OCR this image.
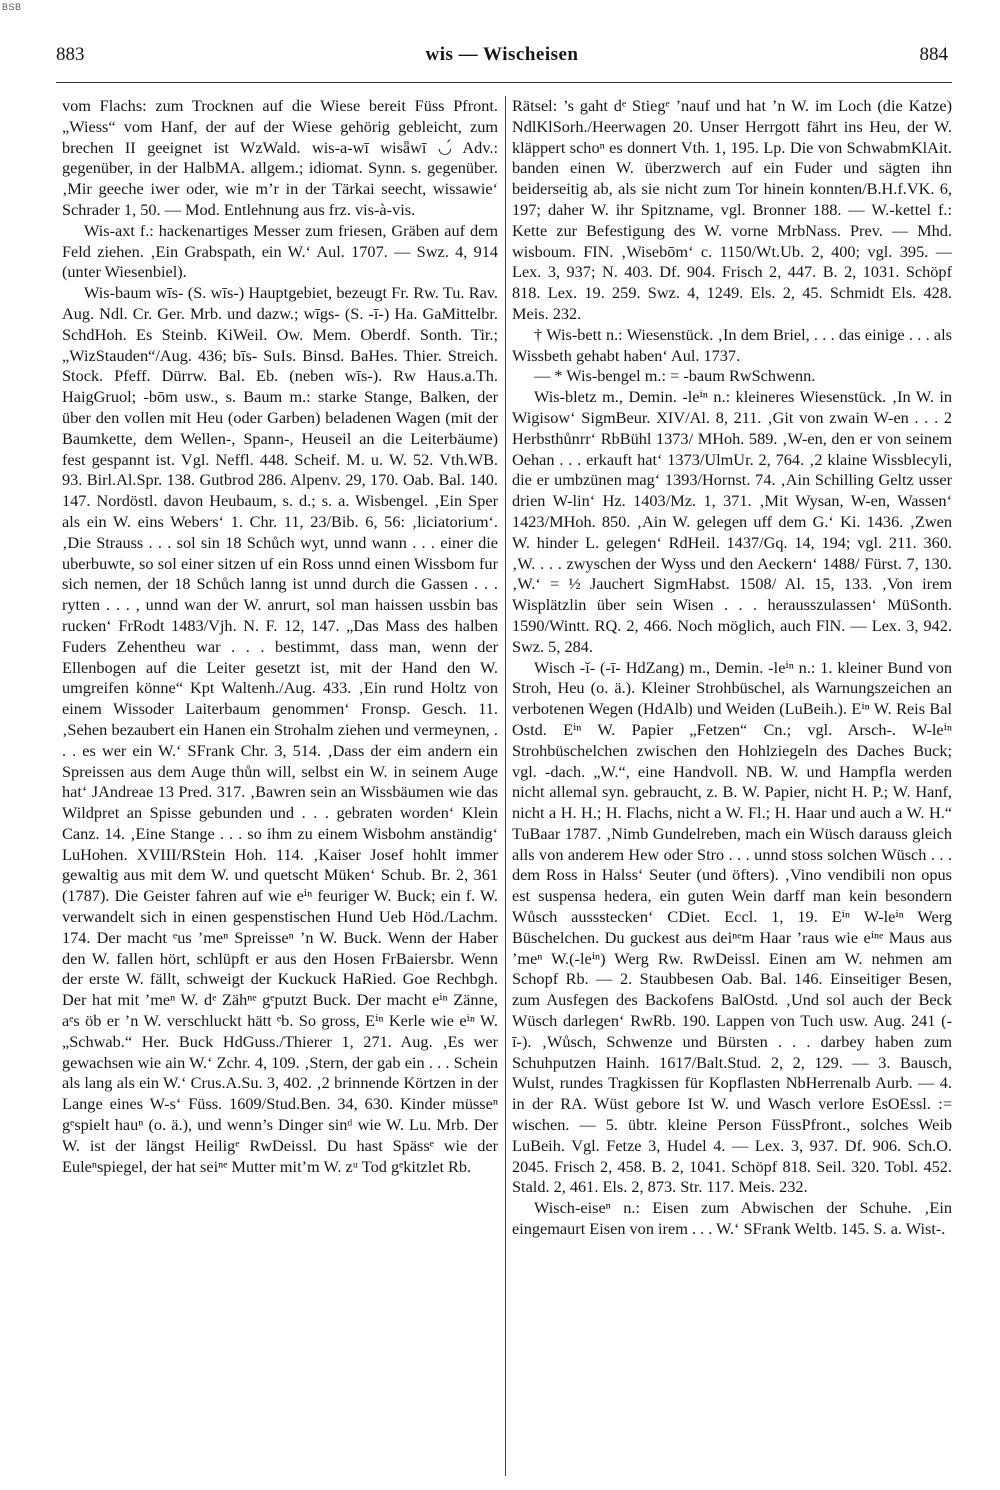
BSB
883	wis — Wischeisen	884

vom Flachs: zum Trocknen auf die Wiese bereit Füss Pfront. „Wiess“ vom Hanf, der auf der Wiese gehörig gebleicht, zum brechen II geeignet ist WzWald. wis-a-wī wisǟwī ◡́ Adv.: gegenüber, in der HalbMA. allgem.; idiomat. Synn. s. gegenüber. ‚Mir geeche iwer oder, wie m’r in der Tärkai seecht, wissawie‘ Schrader 1, 50. — Mod. Entlehnung aus frz. vis-à-vis.

Wis-axt f.: hackenartiges Messer zum friesen, Gräben auf dem Feld ziehen. ‚Ein Grabspath, ein W.‘ Aul. 1707. — Swz. 4, 914 (unter Wiesenbiel).

Wis-baum wīs- (S. wīs-) Hauptgebiet, bezeugt Fr. Rw. Tu. Rav. Aug. Ndl. Cr. Ger. Mrb. und dazw.; wīgs- (S. -ī-) Ha. GaMittelbr. SchdHoh. Es Steinb. KiWeil. Ow. Mem. Oberdf. Sonth. Tir.; „WizStauden“/Aug. 436; bīs- SuIs. Binsd. BaHes. Thier. Streich. Stock. Pfeff. Dürrw. Bal. Eb. (neben wīs-). Rw Haus.a.Th. HaigGruol; -bōm usw., s. Baum m.: starke Stange, Balken, der über den vollen mit Heu (oder Garben) beladenen Wagen (mit der Baumkette, dem Wellen-, Spann-, Heuseil an die Leiterbäume) fest gespannt ist. Vgl. Neffl. 448. Scheif. M. u. W. 52. Vth.WB. 93. Birl.Al.Spr. 138. Gutbrod 286. Alpenv. 29, 170. Oab. Bal. 140. 147. Nordöstl. davon Heubaum, s. d.; s. a. Wisbengel. ‚Ein Sper als ein W. eins Webers‘ 1. Chr. 11, 23/Bib. 6, 56: ‚liciatorium‘. ‚Die Strauss . . . sol sin 18 Schůch wyt, unnd wann . . . einer die uberbuwte, so sol einer sitzen uf ein Ross unnd einen Wissbom fur sich nemen, der 18 Schůch lanng ist unnd durch die Gassen . . . rytten . . . , unnd wan der W. anrurt, sol man haissen ussbin bas rucken‘ FrRodt 1483/Vjh. N. F. 12, 147. „Das Mass des halben Fuders Zehentheu war . . . bestimmt, dass man, wenn der Ellenbogen auf die Leiter gesetzt ist, mit der Hand den W. umgreifen könne“ Kpt Waltenh./Aug. 433. ‚Ein rund Holtz von einem Wissoder Laiterbaum genommen‘ Fronsp. Gesch. 11. ‚Sehen bezaubert ein Hanen ein Strohalm ziehen und vermeynen, . . . es wer ein W.‘ SFrank Chr. 3, 514. ‚Dass der eim andern ein Spreissen aus dem Auge thůn will, selbst ein W. in seinem Auge hat‘ JAndreae 13 Pred. 317. ‚Bawren sein an Wissbäumen wie das Wildpret an Spisse gebunden und . . . gebraten worden‘ Klein Canz. 14. ‚Eine Stange . . . so ihm zu einem Wisbohm anständig‘ LuHohen. XVIII/RStein Hoh. 114. ‚Kaiser Josef hohlt immer gewaltig aus mit dem W. und quetscht Müken‘ Schub. Br. 2, 361 (1787). Die Geister fahren auf wie eⁱⁿ feuriger W. Buck; ein f. W. verwandelt sich in einen gespenstischen Hund Ueb Höd./Lachm. 174. Der macht ᵉus ’meⁿ Spreisseⁿ ’n W. Buck. Wenn der Haber den W. fallen hört, schlüpft er aus den Hosen FrBaiersbr. Wenn der erste W. fällt, schweigt der Kuckuck HaRied. Goe Rechbgh. Der hat mit ’meⁿ W. dᵉ Zähⁿᵉ gᵉputzt Buck. Der macht eⁱⁿ Zänne, aᵉs öb er ’n W. verschluckt hätt ᵉb. So gross, Eⁱⁿ Kerle wie eⁱⁿ W. „Schwab.“ Her. Buck HdGuss./Thierer 1, 271. Aug. ‚Es wer gewachsen wie ain W.‘ Zchr. 4, 109. ‚Stern, der gab ein . . . Schein als lang als ein W.‘ Crus.A.Su. 3, 402. ‚2 brinnende Körtzen in der Lange eines W-s‘ Füss. 1609/Stud.Ben. 34, 630. Kinder müsseⁿ gᵉspielt hauⁿ (o. ä.), und wenn’s Dinger sinᵈ wie W. Lu. Mrb. Der W. ist der längst Heiligᵉ RwDeissl. Du hast Spässᵉ wie der Euleⁿspiegel, der hat seiⁿᵉ Mutter mit’m W. zᵘ Tod gᵉkitzlet Rb.

Rätsel: ’s gaht dᵉ Stiegᵉ ’nauf und hat ’n W. im Loch (die Katze) NdlKlSorh./Heerwagen 20. Unser Herrgott fährt ins Heu, der W. kläppert schoⁿ es donnert Vth. 1, 195. Lp. Die von SchwabmKlAit. banden einen W. überzwerch auf ein Fuder und sägten ihn beiderseitig ab, als sie nicht zum Tor hinein konnten/B.H.f.VK. 6, 197; daher W. ihr Spitzname, vgl. Bronner 188. — W.-kettel f.: Kette zur Befestigung des W. vorne MrbNass. Prev. — Mhd. wisboum. FIN. ‚Wisebōm‘ c. 1150/Wt.Ub. 2, 400; vgl. 395. — Lex. 3, 937; N. 403. Df. 904. Frisch 2, 447. B. 2, 1031. Schöpf 818. Lex. 19. 259. Swz. 4, 1249. Els. 2, 45. Schmidt Els. 428. Meis. 232.

† Wis-bett n.: Wiesenstück. ‚In dem Briel, . . . das einige . . . als Wissbeth gehabt haben‘ Aul. 1737.

— * Wis-bengel m.: = -baum RwSchwenn.

Wis-bletz m., Demin. -leⁱⁿ n.: kleineres Wiesenstück. ‚In W. in Wigisow‘ SigmBeur. XIV/Al. 8, 211. ‚Git von zwain W-en . . . 2 Herbsthůnrr‘ RbBühl 1373/ MHoh. 589. ‚W-en, den er von seinem Oehan . . . erkauft hat‘ 1373/UlmUr. 2, 764. ‚2 klaine Wissblecyli, die er umbzünen mag‘ 1393/Hornst. 74. ‚Ain Schilling Geltz usser drien W-lin‘ Hz. 1403/Mz. 1, 371. ‚Mit Wysan, W-en, Wassen‘ 1423/MHoh. 850. ‚Ain W. gelegen uff dem G.‘ Ki. 1436. ‚Zwen W. hinder L. gelegen‘ RdHeil. 1437/Gq. 14, 194; vgl. 211. 360. ‚W. . . . zwyschen der Wyss und den Aeckern‘ 1488/ Fürst. 7, 130. ‚W.‘ = ½ Jauchert SigmHabst. 1508/ Al. 15, 133. ‚Von irem Wisplätzlin über sein Wisen . . . herausszulassen‘ MüSonth. 1590/Wintt. RQ. 2, 466. Noch möglich, auch FlN. — Lex. 3, 942. Swz. 5, 284.

Wisch -ĭ- (-ī- HdZang) m., Demin. -leⁱⁿ n.: 1. kleiner Bund von Stroh, Heu (o. ä.). Kleiner Strohbüschel, als Warnungszeichen an verbotenen Wegen (HdAlb) und Weiden (LuBeih.). Eⁱⁿ W. Reis Bal Ostd. Eⁱⁿ W. Papier „Fetzen“ Cn.; vgl. Arsch-. W-leⁱⁿ Strohbüschelchen zwischen den Hohlziegeln des Daches Buck; vgl. -dach. „W.“, eine Handvoll. NB. W. und Hampfla werden nicht allemal syn. gebraucht, z. B. W. Papier, nicht H. P.; W. Hanf, nicht a H. H.; H. Flachs, nicht a W. Fl.; H. Haar und auch a W. H.“ TuBaar 1787. ‚Nimb Gundelreben, mach ein Wüsch darauss gleich alls von anderem Hew oder Stro . . . unnd stoss solchen Wüsch . . . dem Ross in Halss‘ Seuter (und öfters). ‚Vino vendibili non opus est suspensa hedera, ein guten Wein darff man kein besondern Wůsch aussstecken‘ CDiet. Eccl. 1, 19. Eⁱⁿ W-leⁱⁿ Werg Büschelchen. Du guckest aus deiⁿᵉm Haar ’raus wie eⁱⁿᵉ Maus aus ’meⁿ W.(-leⁱⁿ) Werg Rw. RwDeissl. Einen am W. nehmen am Schopf Rb. — 2. Staubbesen Oab. Bal. 146. Einseitiger Besen, zum Ausfegen des Backofens BalOstd. ‚Und sol auch der Beck Wüsch darlegen‘ RwRb. 190. Lappen von Tuch usw. Aug. 241 (-ī-). ‚Wůsch, Schwenze und Bürsten . . . darbey haben zum Schuhputzen Hainh. 1617/Balt.Stud. 2, 2, 129. — 3. Bausch, Wulst, rundes Tragkissen für Kopflasten NbHerrenalb Aurb. — 4. in der RA. Wüst gebore Ist W. und Wasch verlore EsOEssl. := wischen. — 5. übtr. kleine Person FüssPfront., solches Weib LuBeih. Vgl. Fetze 3, Hudel 4. — Lex. 3, 937. Df. 906. Sch.O. 2045. Frisch 2, 458. B. 2, 1041. Schöpf 818. Seil. 320. Tobl. 452. Stald. 2, 461. Els. 2, 873. Str. 117. Meis. 232.

Wisch-eiseⁿ n.: Eisen zum Abwischen der Schuhe. ‚Ein eingemaurt Eisen von irem . . . W.‘ SFrank Weltb. 145. S. a. Wist-.
